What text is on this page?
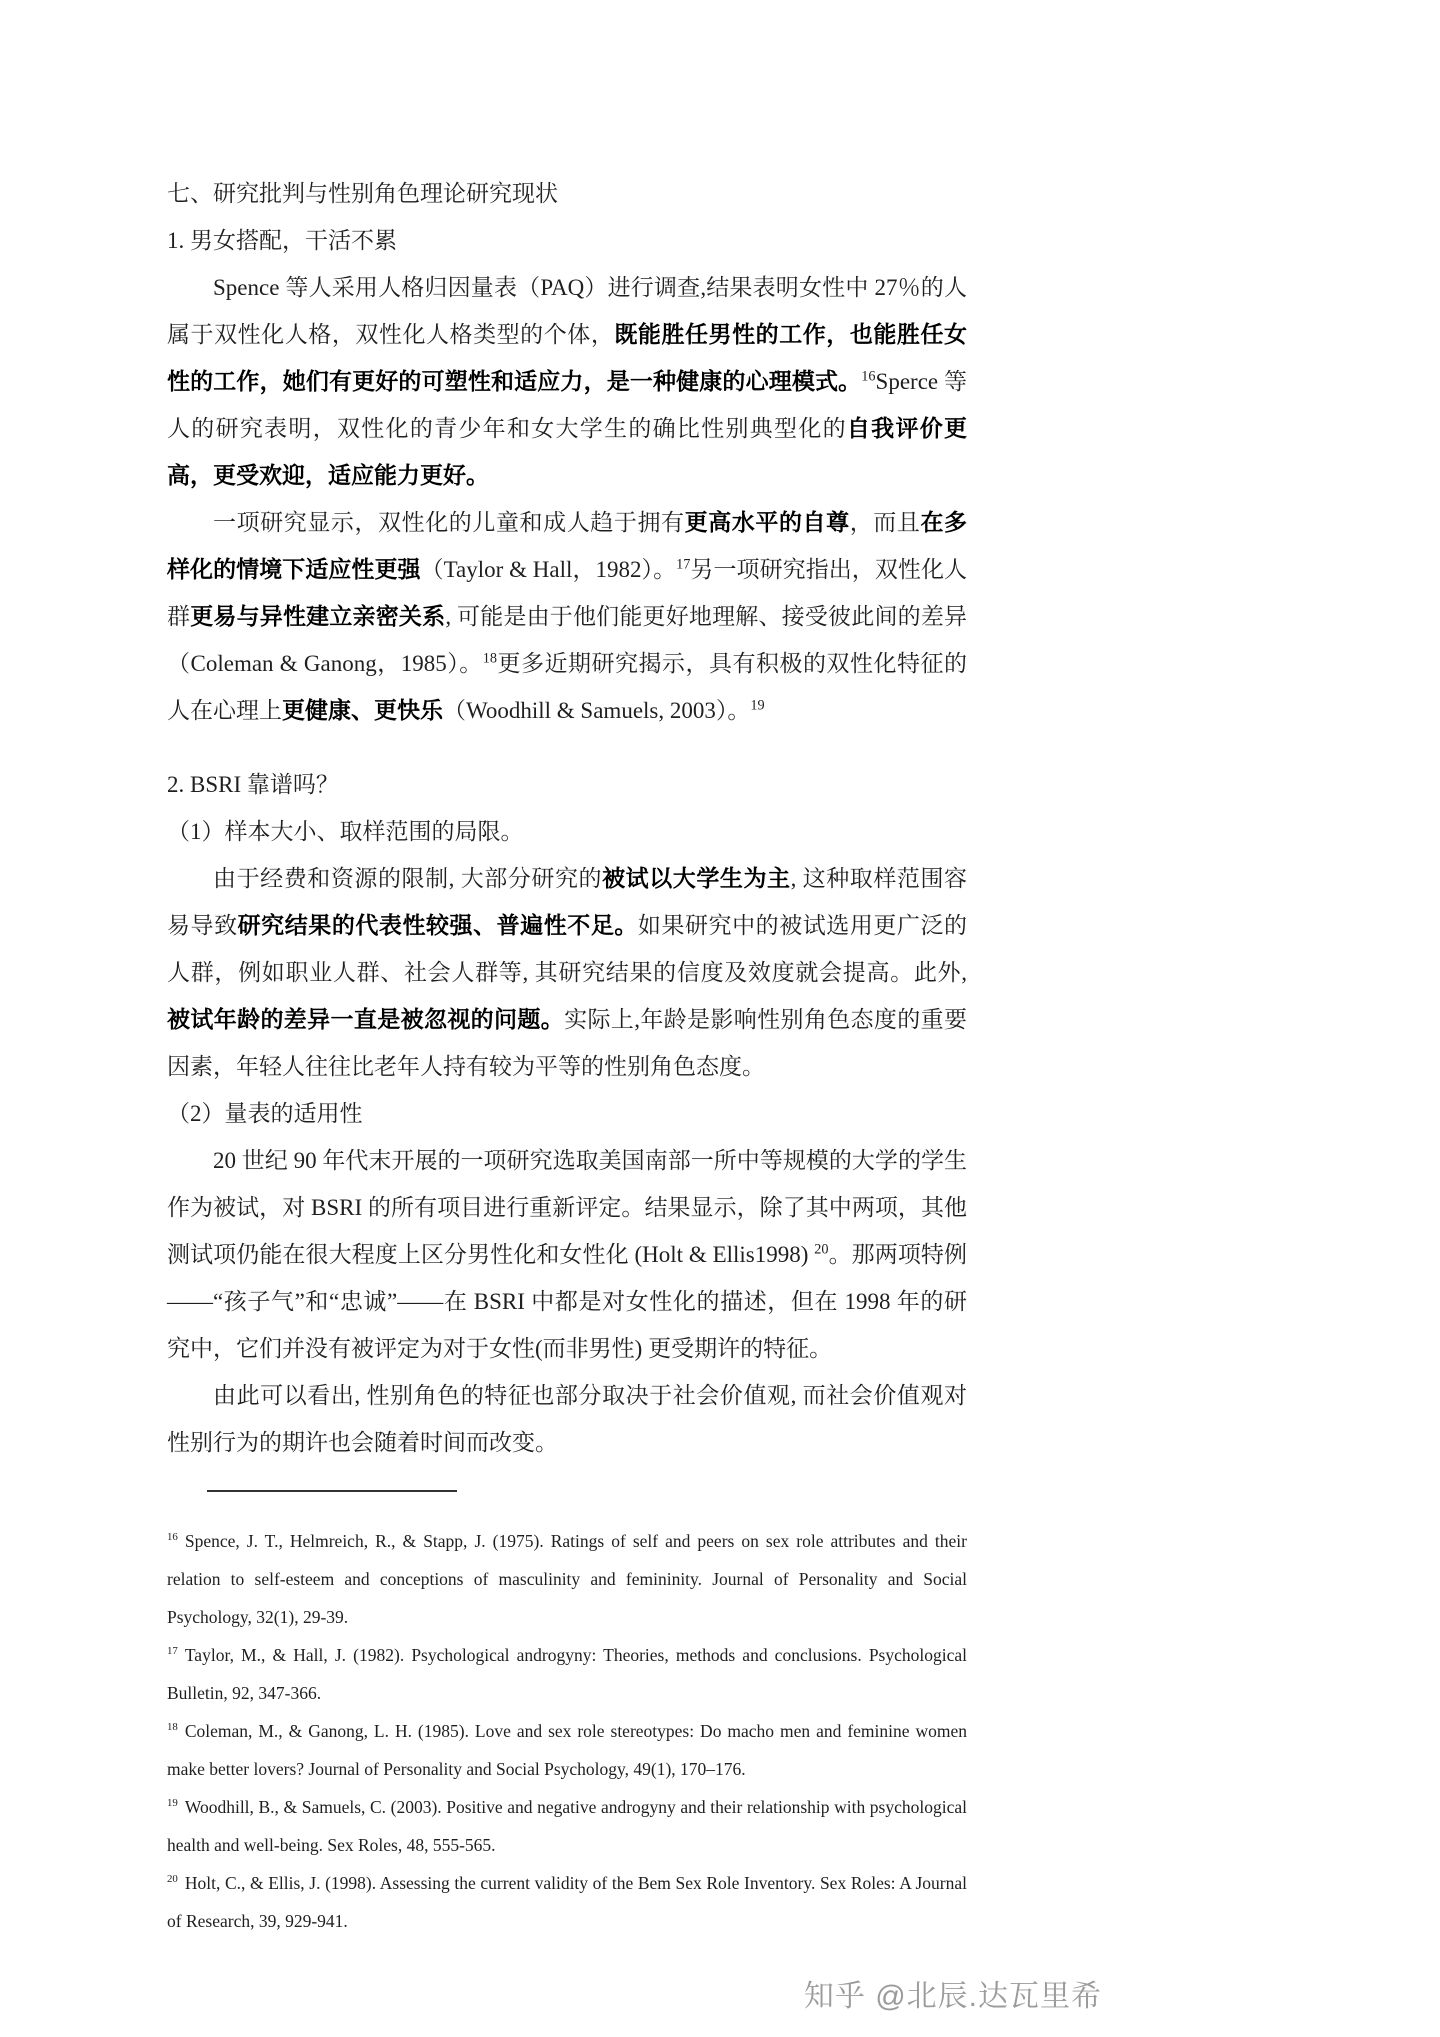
七、研究批判与性别角色理论研究现状

1. 男女搭配，干活不累

Spence 等人采用人格归因量表（PAQ）进行调查,结果表明女性中 27％的人属于双性化人格，双性化人格类型的个体，既能胜任男性的工作，也能胜任女性的工作，她们有更好的可塑性和适应力，是一种健康的心理模式。$^{16}$Sperce 等人的研究表明，双性化的青少年和女大学生的确比性别典型化的自我评价更高，更受欢迎，适应能力更好。

一项研究显示，双性化的儿童和成人趋于拥有更高水平的自尊，而且在多样化的情境下适应性更强（Taylor & Hall，1982）。$^{17}$另一项研究指出，双性化人群更易与异性建立亲密关系, 可能是由于他们能更好地理解、接受彼此间的差异（Coleman & Ganong，1985）。$^{18}$更多近期研究揭示，具有积极的双性化特征的人在心理上更健康、更快乐（Woodhill & Samuels, 2003）。$^{19}$

2. BSRI 靠谱吗？

（1）样本大小、取样范围的局限。

由于经费和资源的限制, 大部分研究的被试以大学生为主, 这种取样范围容易导致研究结果的代表性较强、普遍性不足。如果研究中的被试选用更广泛的人群，例如职业人群、社会人群等, 其研究结果的信度及效度就会提高。此外, 被试年龄的差异一直是被忽视的问题。实际上,年龄是影响性别角色态度的重要因素，年轻人往往比老年人持有较为平等的性别角色态度。

（2）量表的适用性

20 世纪 90 年代末开展的一项研究选取美国南部一所中等规模的大学的学生作为被试，对 BSRI 的所有项目进行重新评定。结果显示，除了其中两项，其他测试项仍能在很大程度上区分男性化和女性化 (Holt & Ellis1998) $^{20}$。那两项特例——“孩子气”和“忠诚”——在 BSRI 中都是对女性化的描述，但在 1998 年的研究中，它们并没有被评定为对于女性(而非男性) 更受期许的特征。

由此可以看出, 性别角色的特征也部分取决于社会价值观, 而社会价值观对性别行为的期许也会随着时间而改变。

$^{16}$ Spence, J. T., Helmreich, R., & Stapp, J. (1975). Ratings of self and peers on sex role attributes and their relation to self-esteem and conceptions of masculinity and femininity. Journal of Personality and Social Psychology, 32(1), 29-39.

$^{17}$ Taylor, M., & Hall, J. (1982). Psychological androgyny: Theories, methods and conclusions. Psychological Bulletin, 92, 347-366.

$^{18}$ Coleman, M., & Ganong, L. H. (1985). Love and sex role stereotypes: Do macho men and feminine women make better lovers? Journal of Personality and Social Psychology, 49(1), 170–176.

$^{19}$ Woodhill, B., & Samuels, C. (2003). Positive and negative androgyny and their relationship with psychological health and well-being. Sex Roles, 48, 555-565.

$^{20}$ Holt, C., & Ellis, J. (1998). Assessing the current validity of the Bem Sex Role Inventory. Sex Roles: A Journal of Research, 39, 929-941.

知乎 @北辰.达瓦里希
